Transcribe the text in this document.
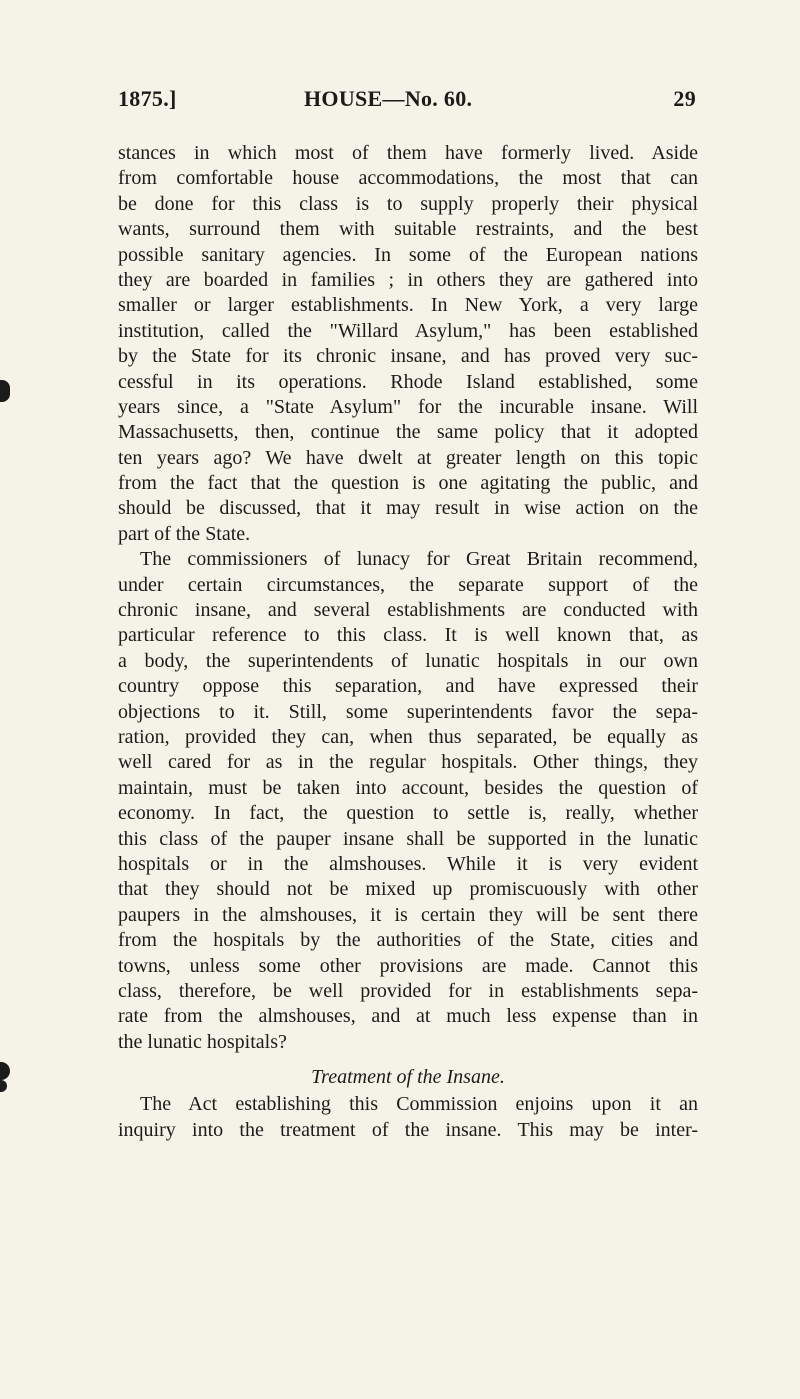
1875.]	HOUSE—No. 60.	29
stances in which most of them have formerly lived. Aside
from comfortable house accommodations, the most that can
be done for this class is to supply properly their physical
wants, surround them with suitable restraints, and the best
possible sanitary agencies. In some of the European nations
they are boarded in families ; in others they are gathered into
smaller or larger establishments. In New York, a very large
institution, called the "Willard Asylum," has been established
by the State for its chronic insane, and has proved very suc-
cessful in its operations. Rhode Island established, some
years since, a "State Asylum" for the incurable insane. Will
Massachusetts, then, continue the same policy that it adopted
ten years ago? We have dwelt at greater length on this topic
from the fact that the question is one agitating the public, and
should be discussed, that it may result in wise action on the
part of the State.
The commissioners of lunacy for Great Britain recommend,
under certain circumstances, the separate support of the
chronic insane, and several establishments are conducted with
particular reference to this class. It is well known that, as
a body, the superintendents of lunatic hospitals in our own
country oppose this separation, and have expressed their
objections to it. Still, some superintendents favor the sepa-
ration, provided they can, when thus separated, be equally as
well cared for as in the regular hospitals. Other things, they
maintain, must be taken into account, besides the question of
economy. In fact, the question to settle is, really, whether
this class of the pauper insane shall be supported in the lunatic
hospitals or in the almshouses. While it is very evident
that they should not be mixed up promiscuously with other
paupers in the almshouses, it is certain they will be sent there
from the hospitals by the authorities of the State, cities and
towns, unless some other provisions are made. Cannot this
class, therefore, be well provided for in establishments sepa-
rate from the almshouses, and at much less expense than in
the lunatic hospitals?
Treatment of the Insane.
The Act establishing this Commission enjoins upon it an
inquiry into the treatment of the insane. This may be inter-
